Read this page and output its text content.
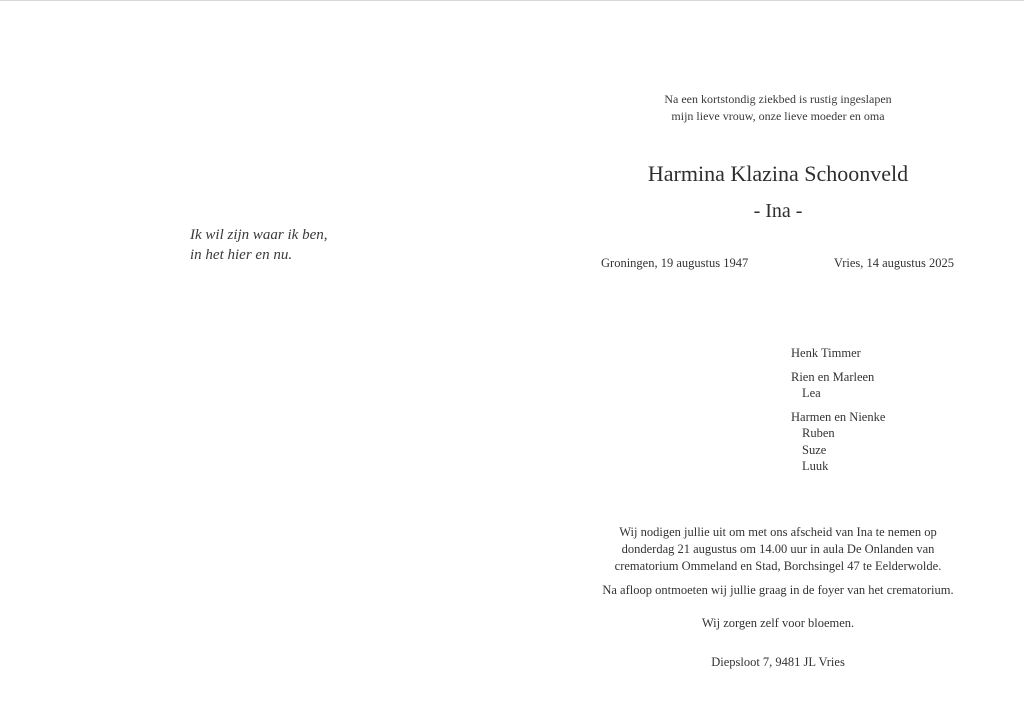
Ik wil zijn waar ik ben,
in het hier en nu.
Na een kortstondig ziekbed is rustig ingeslapen
mijn lieve vrouw, onze lieve moeder en oma
Harmina Klazina Schoonveld
- Ina -
Groningen, 19 augustus 1947	Vries, 14 augustus 2025
Henk Timmer
Rien en Marleen
Lea
Harmen en Nienke
Ruben
Suze
Luuk
Wij nodigen jullie uit om met ons afscheid van Ina te nemen op
donderdag 21 augustus om 14.00 uur in aula De Onlanden van
crematorium Ommeland en Stad, Borchsingel 47 te Eelderwolde.
Na afloop ontmoeten wij jullie graag in de foyer van het crematorium.
Wij zorgen zelf voor bloemen.
Diepsloot 7, 9481 JL Vries
